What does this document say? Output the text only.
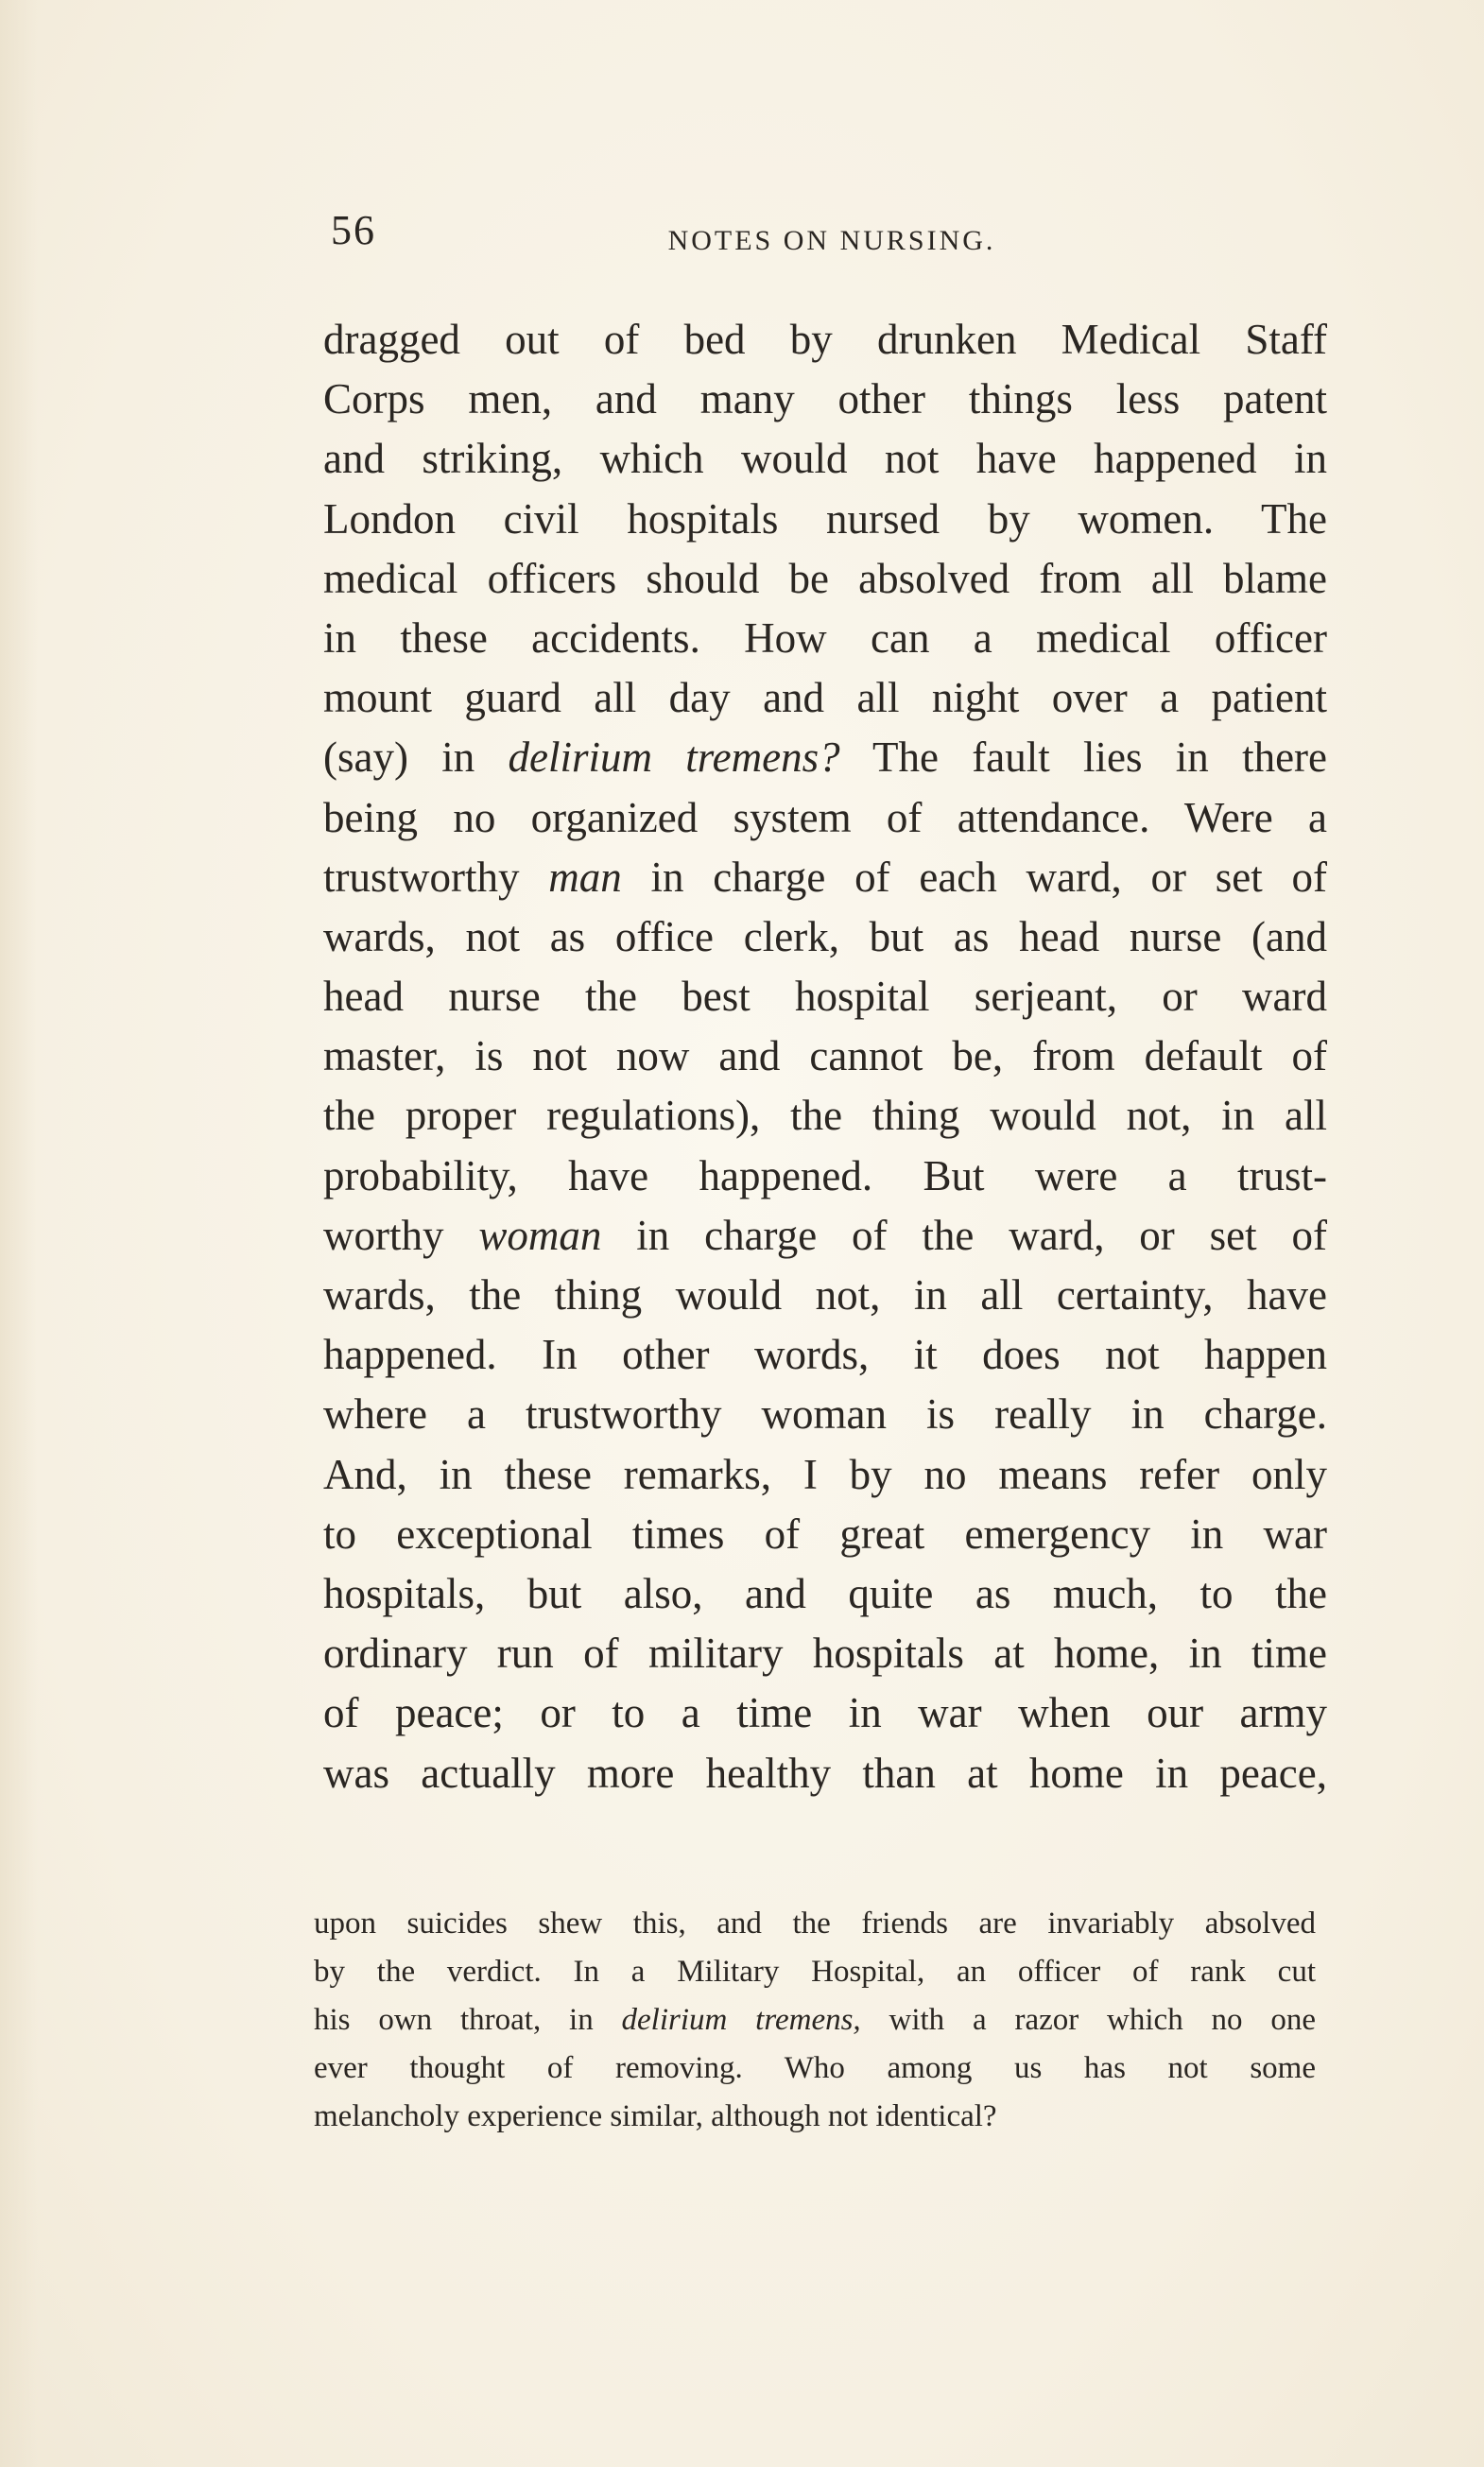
56	NOTES ON NURSING.
dragged out of bed by drunken Medical Staff
Corps men, and many other things less patent
and striking, which would not have happened in
London civil hospitals nursed by women. The
medical officers should be absolved from all blame
in these accidents. How can a medical officer
mount guard all day and all night over a patient
(say) in delirium tremens? The fault lies in there
being no organized system of attendance. Were a
trustworthy man in charge of each ward, or set of
wards, not as office clerk, but as head nurse (and
head nurse the best hospital serjeant, or ward
master, is not now and cannot be, from default of
the proper regulations), the thing would not, in all
probability, have happened. But were a trust-
worthy woman in charge of the ward, or set of
wards, the thing would not, in all certainty, have
happened. In other words, it does not happen
where a trustworthy woman is really in charge.
And, in these remarks, I by no means refer only
to exceptional times of great emergency in war
hospitals, but also, and quite as much, to the
ordinary run of military hospitals at home, in time
of peace; or to a time in war when our army
was actually more healthy than at home in peace,
upon suicides shew this, and the friends are invariably absolved
by the verdict. In a Military Hospital, an officer of rank cut
his own throat, in delirium tremens, with a razor which no one
ever thought of removing. Who among us has not some
melancholy experience similar, although not identical?
